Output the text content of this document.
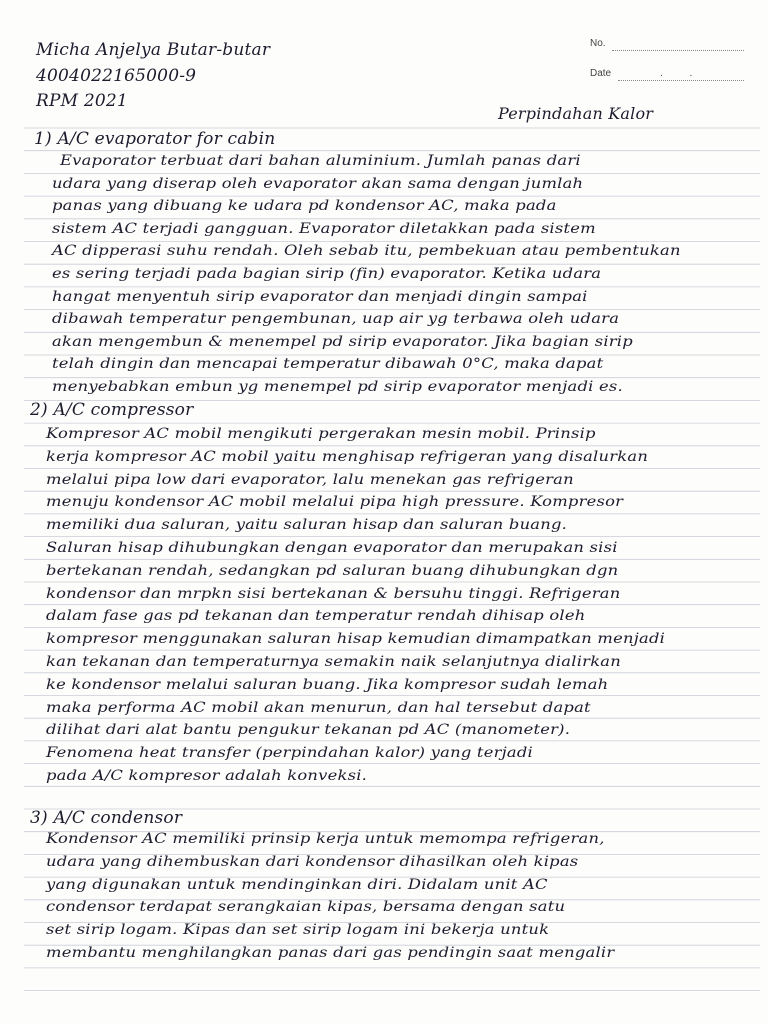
Micha Anjelya Butar-butar
4004022165000-9
RPM 2021
No.
Date	. .
Perpindahan Kalor
1) A/C evaporator for cabin
Evaporator terbuat dari bahan aluminium. Jumlah panas dari
udara yang diserap oleh evaporator akan sama dengan jumlah
panas yang dibuang ke udara pd kondensor AC, maka pada
sistem AC terjadi gangguan. Evaporator diletakkan pada sistem
AC dipperasi suhu rendah. Oleh sebab itu, pembekuan atau pembentukan
es sering terjadi pada bagian sirip (fin) evaporator. Ketika udara
hangat menyentuh sirip evaporator dan menjadi dingin sampai
dibawah temperatur pengembunan, uap air yg terbawa oleh udara
akan mengembun & menempel pd sirip evaporator. Jika bagian sirip
telah dingin dan mencapai temperatur dibawah 0°C, maka dapat
menyebabkan embun yg menempel pd sirip evaporator menjadi es.
2) A/C compressor
Kompresor AC mobil mengikuti pergerakan mesin mobil. Prinsip
kerja kompresor AC mobil yaitu menghisap refrigeran yang disalurkan
melalui pipa low dari evaporator, lalu menekan gas refrigeran
menuju kondensor AC mobil melalui pipa high pressure. Kompresor
memiliki dua saluran, yaitu saluran hisap dan saluran buang.
Saluran hisap dihubungkan dengan evaporator dan merupakan sisi
bertekanan rendah, sedangkan pd saluran buang dihubungkan dgn
kondensor dan mrpkn sisi bertekanan & bersuhu tinggi. Refrigeran
dalam fase gas pd tekanan dan temperatur rendah dihisap oleh
kompresor menggunakan saluran hisap kemudian dimampatkan menjadi
kan tekanan dan temperaturnya semakin naik selanjutnya dialirkan
ke kondensor melalui saluran buang. Jika kompresor sudah lemah
maka performa AC mobil akan menurun, dan hal tersebut dapat
dilihat dari alat bantu pengukur tekanan pd AC (manometer).
Fenomena heat transfer (perpindahan kalor) yang terjadi
pada A/C kompresor adalah konveksi.
3) A/C condensor
Kondensor AC memiliki prinsip kerja untuk memompa refrigeran,
udara yang dihembuskan dari kondensor dihasilkan oleh kipas
yang digunakan untuk mendinginkan diri. Didalam unit AC
condensor terdapat serangkaian kipas, bersama dengan satu
set sirip logam. Kipas dan set sirip logam ini bekerja untuk
membantu menghilangkan panas dari gas pendingin saat mengalir
